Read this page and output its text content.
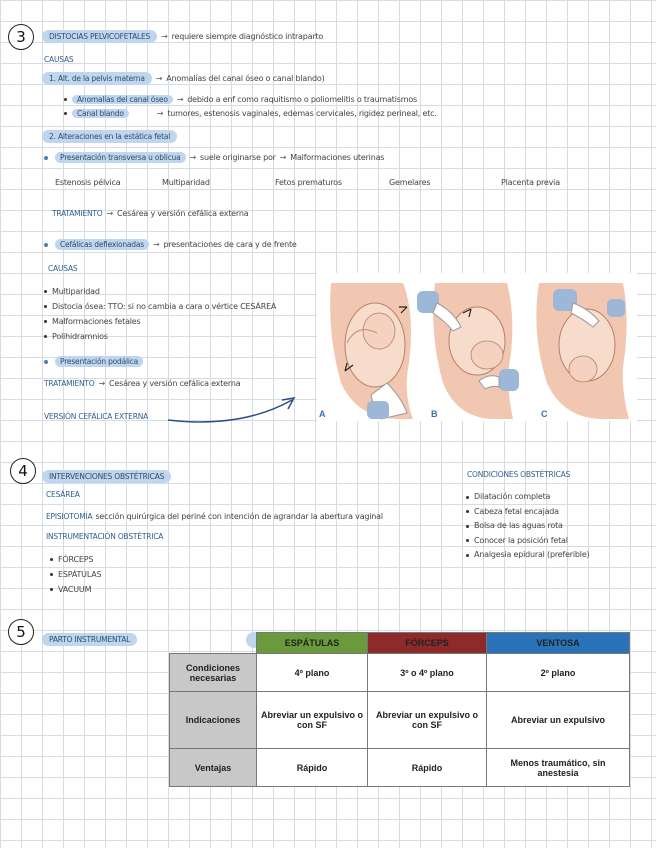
3	DISTOCIAS PELVICOFETALES	→ requiere siempre diagnóstico intraparto
CAUSAS
1. Alt. de la pelvis materna	→ Anomalías del canal óseo o canal blando)
Anomalías del canal óseo	→ debido a enf como raquitismo o poliomelitis o traumatismos
Canal blando	→ tumores, estenosis vaginales, edemas cervicales, rigidez perineal, etc.
2. Alteraciones en la estática fetal
Presentación transversa u oblicua	→ suele originarse por → Malformaciones uterinas
Estenosis pélvica	Multiparidad	Fetos prematuros	Gemelares	Placenta previa
TRATAMIENTO → Cesárea y versión cefálica externa
Cefálicas deflexionadas	→ presentaciones de cara y de frente
CAUSAS
Multiparidad
Distocia ósea: TTO: si no cambia a cara o vértice CESÁREA
Malformaciones fetales
Polihidramnios
Presentación podálica
TRATAMIENTO → Cesárea y versión cefálica externa
VERSIÓN CEFÁLICA EXTERNA	A	B	C
4	INTERVENCIONES OBSTÉTRICAS
CESÁREA
EPISIOTOMÍA sección quirúrgica del periné con intención de agrandar la abertura vaginal
INSTRUMENTACIÓN OBSTÉTRICA
FÓRCEPS
ESPÁTULAS
VACUUM
CONDICIONES OBSTÉTRICAS
Dilatación completa
Cabeza fetal encajada
Bolsa de las aguas rota
Conocer la posición fetal
Analgesia epidural (preferible)
5	PARTO INSTRUMENTAL
		ESPÁTULAS	FÓRCEPS	VENTOSA
Condiciones necesarias	4º plano	3º o 4º plano	2º plano
Indicaciones	Abreviar un expulsivo o con SF	Abreviar un expulsivo o con SF	Abreviar un expulsivo
Ventajas	Rápido	Rápido	Menos traumático, sin anestesia
